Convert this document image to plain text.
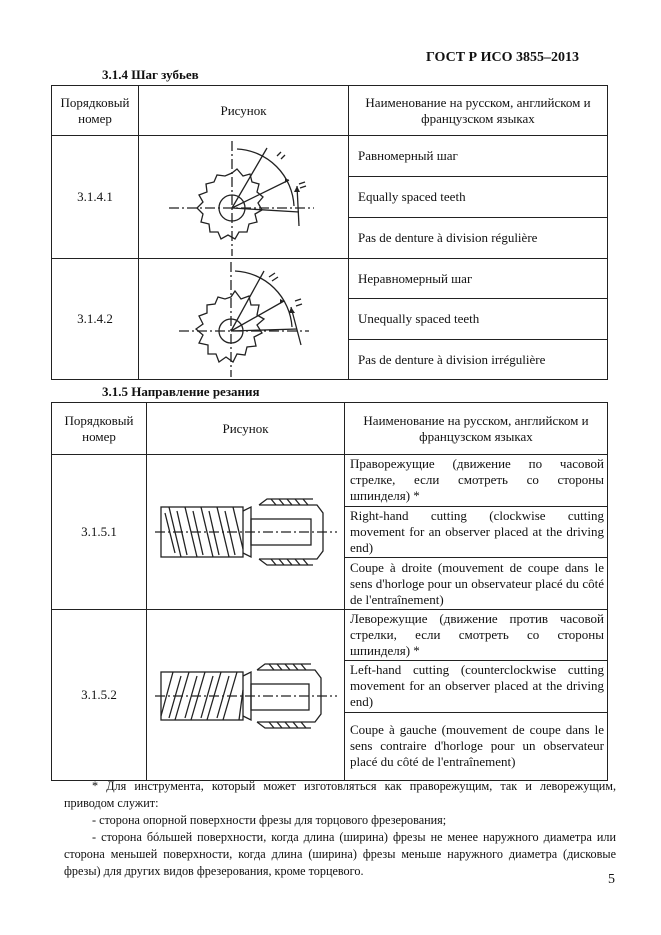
ГОСТ Р ИСО 3855–2013
3.1.4 Шаг зубьев
Порядковый номер	Рисунок	Наименование на русском, английском и французском языках
3.1.4.1		Равномерный шаг
		Equally spaced teeth
		Pas de denture à division régulière
3.1.4.2		Неравномерный шаг
		Unequally spaced teeth
		Pas de denture à division irrégulière
3.1.5 Направление резания
Порядковый номер	Рисунок	Наименование на русском, английском и французском языках
3.1.5.1		Праворежущие (движение по часовой стрелке, если смотреть со стороны шпинделя) *
		Right-hand cutting (clockwise cutting movement for an observer placed at the driving end)
		Coupe à droite (mouvement de coupe dans le sens d'horloge pour un observateur placé du côté de l'entraînement)
3.1.5.2		Леворежущие (движение против часовой стрелки, если смотреть со стороны шпинделя) *
		Left-hand cutting (counterclockwise cutting movement for an observer placed at the driving end)
		Coupe à gauche (mouvement de coupe dans le sens contraire d'horloge pour un observateur placé du côté de l'entraînement)

* Для инструмента, который может изготовляться как праворежущим, так и леворежущим, приводом служит:

- сторона опорной поверхности фрезы для торцового фрезерования;

- сторона бóльшей поверхности, когда длина (ширина) фрезы не менее наружного диаметра или сторона меньшей поверхности, когда длина (ширина) фрезы меньше наружного диаметра (дисковые фрезы) для других видов фрезерования, кроме торцевого.

5
